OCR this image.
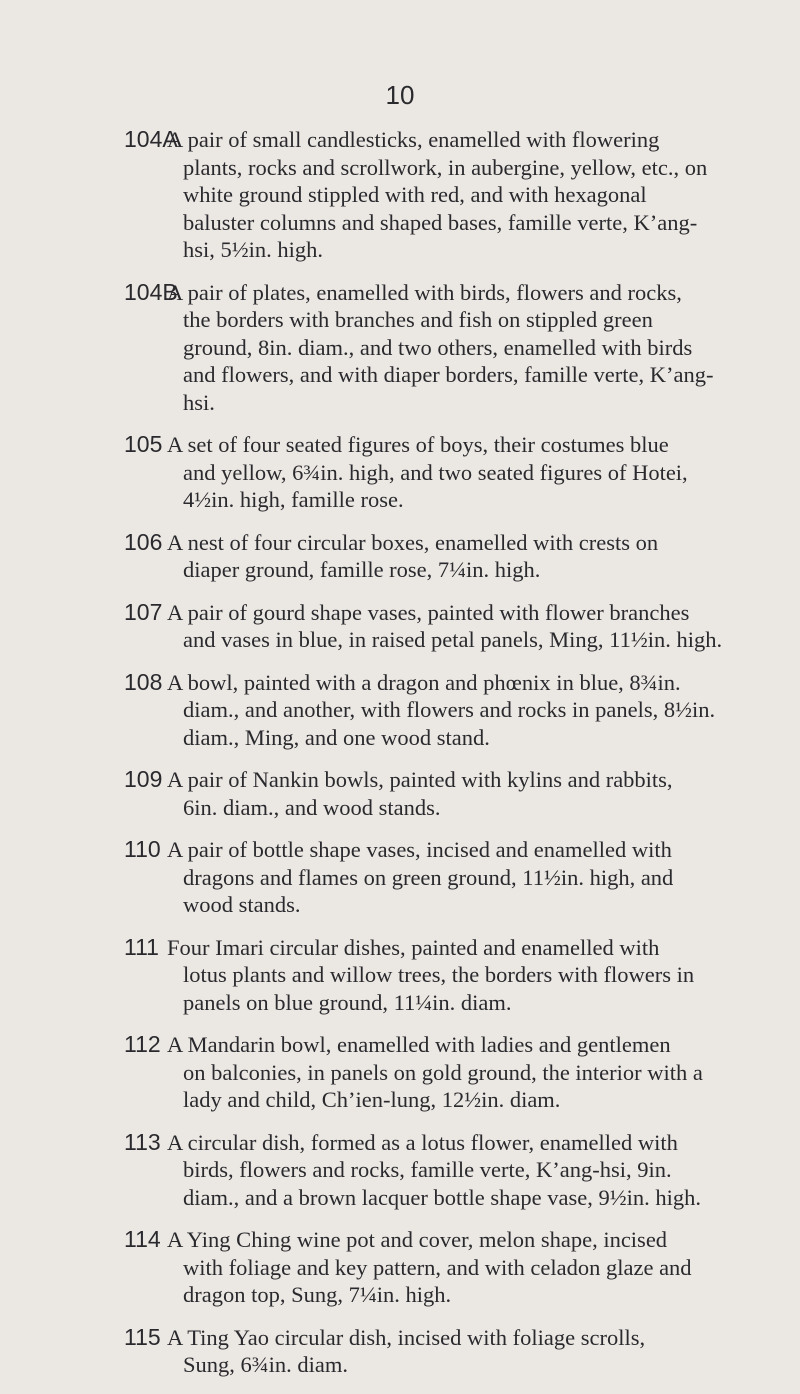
10
104A
A pair of small candlesticks, enamelled with flowering
plants, rocks and scrollwork, in aubergine, yellow, etc., on white ground stippled with red, and with hexagonal baluster columns and shaped bases, famille verte, K’ang-hsi, 5½in. high.
104B
A pair of plates, enamelled with birds, flowers and rocks,
the borders with branches and fish on stippled green ground, 8in. diam., and two others, enamelled with birds and flowers, and with diaper borders, famille verte, K’ang-hsi.
105 A set of four seated figures of boys, their costumes blue
and yellow, 6¾in. high, and two seated figures of Hotei, 4½in. high, famille rose.
106 A nest of four circular boxes, enamelled with crests on
diaper ground, famille rose, 7¼in. high.
107 A pair of gourd shape vases, painted with flower branches
and vases in blue, in raised petal panels, Ming, 11½in. high.
108 A bowl, painted with a dragon and phœnix in blue, 8¾in.
diam., and another, with flowers and rocks in panels, 8½in. diam., Ming, and one wood stand.
109 A pair of Nankin bowls, painted with kylins and rabbits,
6in. diam., and wood stands.
110 A pair of bottle shape vases, incised and enamelled with
dragons and flames on green ground, 11½in. high, and wood stands.
111 Four Imari circular dishes, painted and enamelled with
lotus plants and willow trees, the borders with flowers in panels on blue ground, 11¼in. diam.
112 A Mandarin bowl, enamelled with ladies and gentlemen
on balconies, in panels on gold ground, the interior with a lady and child, Ch’ien-lung, 12½in. diam.
113 A circular dish, formed as a lotus flower, enamelled with
birds, flowers and rocks, famille verte, K’ang-hsi, 9in. diam., and a brown lacquer bottle shape vase, 9½in. high.
114 A Ying Ching wine pot and cover, melon shape, incised
with foliage and key pattern, and with celadon glaze and dragon top, Sung, 7¼in. high.
115 A Ting Yao circular dish, incised with foliage scrolls,
Sung, 6¾in. diam.
